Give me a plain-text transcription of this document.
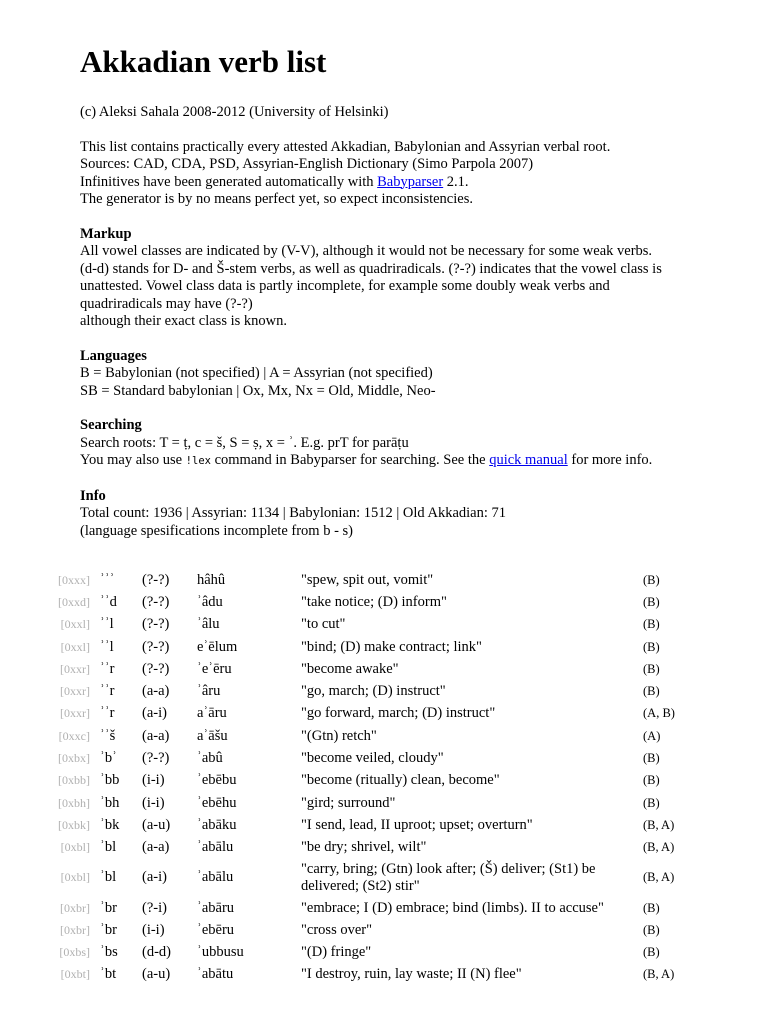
Akkadian verb list

(c) Aleksi Sahala 2008-2012 (University of Helsinki)

This list contains practically every attested Akkadian, Babylonian and Assyrian verbal root.

Sources: CAD, CDA, PSD, Assyrian-English Dictionary (Simo Parpola 2007)

Infinitives have been generated automatically with Babyparser 2.1.

The generator is by no means perfect yet, so expect inconsistencies.

Markup

All vowel classes are indicated by (V-V), although it would not be necessary for some weak verbs.

(d-d) stands for D- and Š-stem verbs, as well as quadriradicals. (?-?) indicates that the vowel class is

unattested. Vowel class data is partly incomplete, for example some doubly weak verbs and

quadriradicals may have (?-?)

although their exact class is known.

Languages

B = Babylonian (not specified) | A = Assyrian (not specified)

SB = Standard babylonian | Ox, Mx, Nx = Old, Middle, Neo-

Searching

Search roots: T = ṭ, c = š, S = ṣ, x = ʾ. E.g. prT for parāṭu

You may also use !lex command in Babyparser for searching. See the quick manual for more info.

Info

Total count: 1936 | Assyrian: 1134 | Babylonian: 1512 | Old Akkadian: 71

(language spesifications incomplete from b - s)

[0xxx]	ʾʾʾ	(?-?)	hâhû	"spew, spit out, vomit"	(B)
[0xxd]	ʾʾd	(?-?)	ʾâdu	"take notice; (D) inform"	(B)
[0xxl]	ʾʾl	(?-?)	ʾâlu	"to cut"	(B)
[0xxl]	ʾʾl	(?-?)	eʾēlum	"bind; (D) make contract; link"	(B)
[0xxr]	ʾʾr	(?-?)	ʾeʾēru	"become awake"	(B)
[0xxr]	ʾʾr	(a-a)	ʾâru	"go, march; (D) instruct"	(B)
[0xxr]	ʾʾr	(a-i)	aʾāru	"go forward, march; (D) instruct"	(A, B)
[0xxc]	ʾʾš	(a-a)	aʾāšu	"(Gtn) retch"	(A)
[0xbx]	ʾbʾ	(?-?)	ʾabû	"become veiled, cloudy"	(B)
[0xbb]	ʾbb	(i-i)	ʾebēbu	"become (ritually) clean, become"	(B)
[0xbh]	ʾbh	(i-i)	ʾebēhu	"gird; surround"	(B)
[0xbk]	ʾbk	(a-u)	ʾabāku	"I send, lead, II uproot; upset; overturn"	(B, A)
[0xbl]	ʾbl	(a-a)	ʾabālu	"be dry; shrivel, wilt"	(B, A)
[0xbl]	ʾbl	(a-i)	ʾabālu	"carry, bring; (Gtn) look after; (Š) deliver; (St1) be delivered; (St2) stir"	(B, A)
[0xbr]	ʾbr	(?-i)	ʾabāru	"embrace; I (D) embrace; bind (limbs). II to accuse"	(B)
[0xbr]	ʾbr	(i-i)	ʾebēru	"cross over"	(B)
[0xbs]	ʾbs	(d-d)	ʾubbusu	"(D) fringe"	(B)
[0xbt]	ʾbt	(a-u)	ʾabātu	"I destroy, ruin, lay waste; II (N) flee"	(B, A)
